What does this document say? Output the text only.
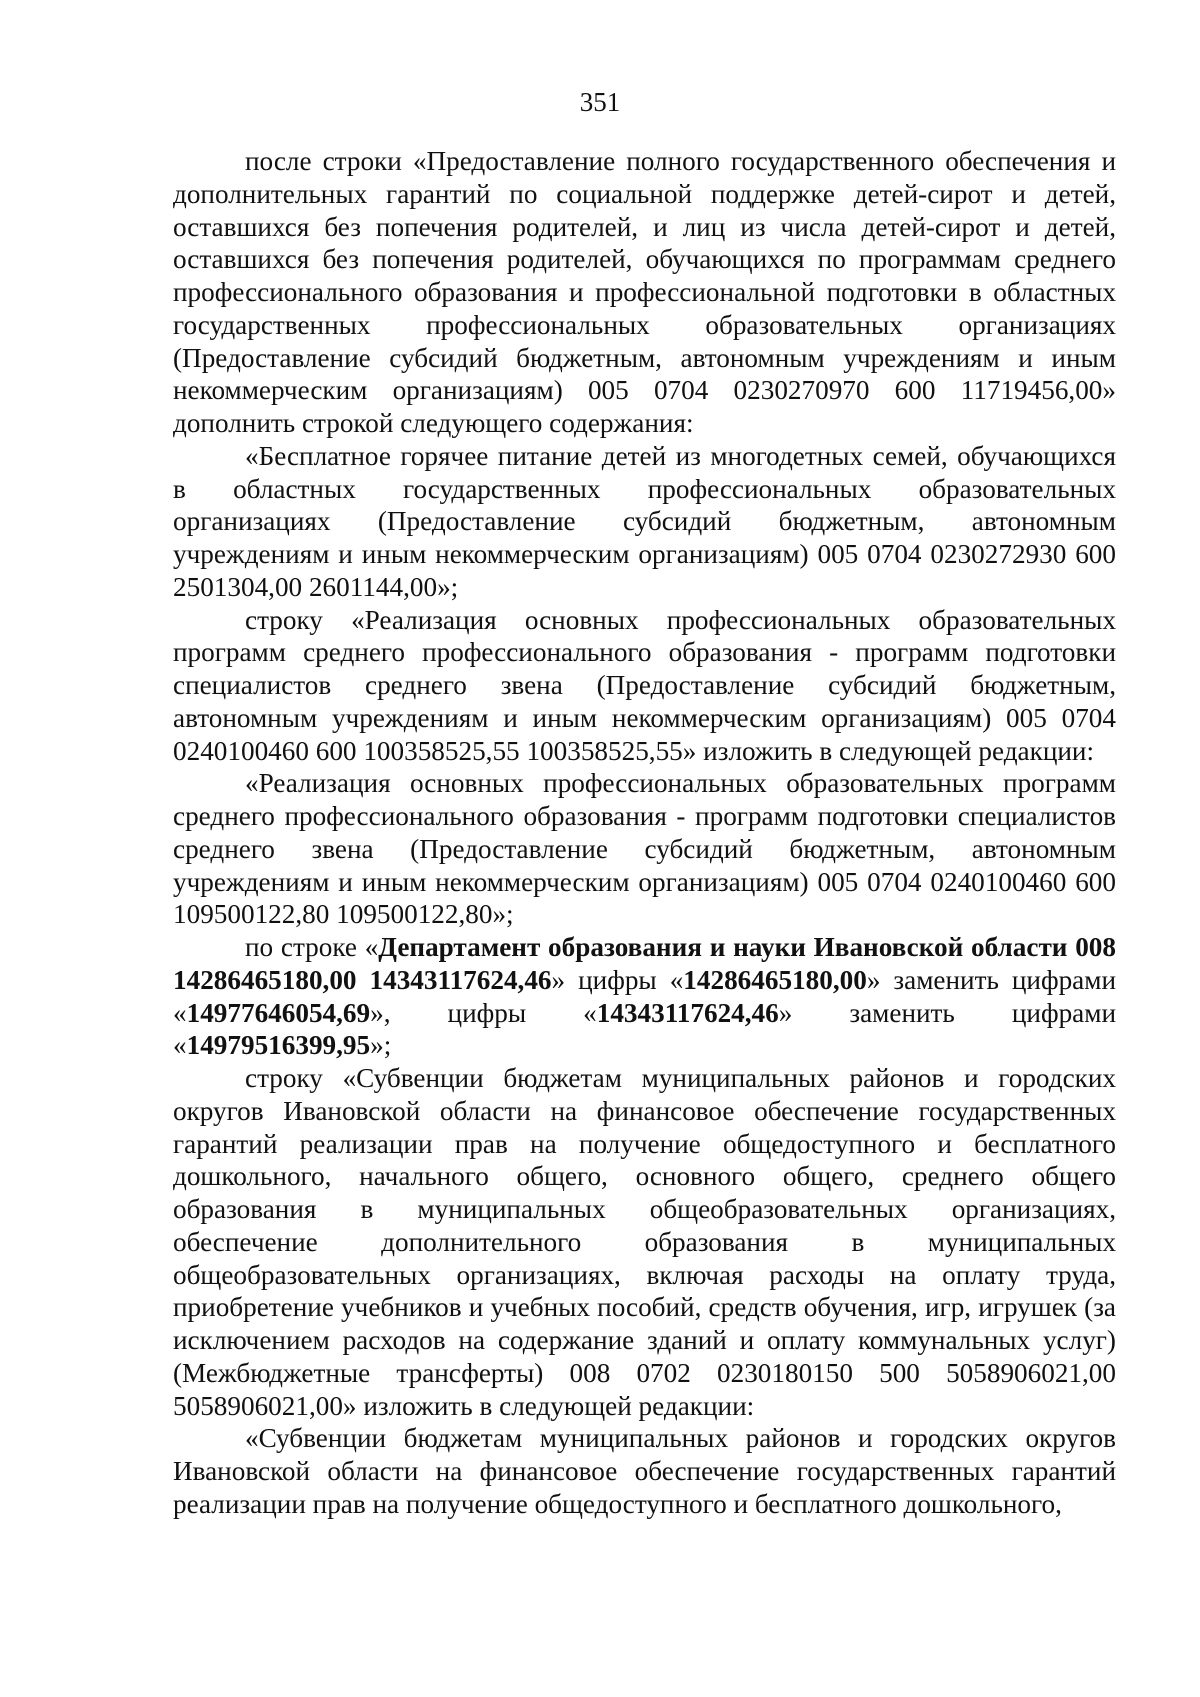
351

после строки «Предоставление полного государственного обеспечения и дополнительных гарантий по социальной поддержке детей-сирот и детей, оставшихся без попечения родителей, и лиц из числа детей-сирот и детей, оставшихся без попечения родителей, обучающихся по программам среднего профессионального образования и профессиональной подготовки в областных государственных профессиональных образовательных организациях (Предоставление субсидий бюджетным, автономным учреждениям и иным некоммерческим организациям) 005 0704 0230270970 600 11719456,00» дополнить строкой следующего содержания:

«Бесплатное горячее питание детей из многодетных семей, обучающихся в областных государственных профессиональных образовательных организациях (Предоставление субсидий бюджетным, автономным учреждениям и иным некоммерческим организациям) 005 0704 0230272930 600 2501304,00 2601144,00»;

строку «Реализация основных профессиональных образовательных программ среднего профессионального образования - программ подготовки специалистов среднего звена (Предоставление субсидий бюджетным, автономным учреждениям и иным некоммерческим организациям) 005 0704 0240100460 600 100358525,55 100358525,55» изложить в следующей редакции:

«Реализация основных профессиональных образовательных программ среднего профессионального образования - программ подготовки специалистов среднего звена (Предоставление субсидий бюджетным, автономным учреждениям и иным некоммерческим организациям) 005 0704 0240100460 600 109500122,80 109500122,80»;

по строке «Департамент образования и науки Ивановской области 008 14286465180,00 14343117624,46» цифры «14286465180,00» заменить цифрами «14977646054,69», цифры «14343117624,46» заменить цифрами «14979516399,95»;

строку «Субвенции бюджетам муниципальных районов и городских округов Ивановской области на финансовое обеспечение государственных гарантий реализации прав на получение общедоступного и бесплатного дошкольного, начального общего, основного общего, среднего общего образования в муниципальных общеобразовательных организациях, обеспечение дополнительного образования в муниципальных общеобразовательных организациях, включая расходы на оплату труда, приобретение учебников и учебных пособий, средств обучения, игр, игрушек (за исключением расходов на содержание зданий и оплату коммунальных услуг) (Межбюджетные трансферты) 008 0702 0230180150 500 5058906021,00 5058906021,00» изложить в следующей редакции:

«Субвенции бюджетам муниципальных районов и городских округов Ивановской области на финансовое обеспечение государственных гарантий реализации прав на получение общедоступного и бесплатного дошкольного,
